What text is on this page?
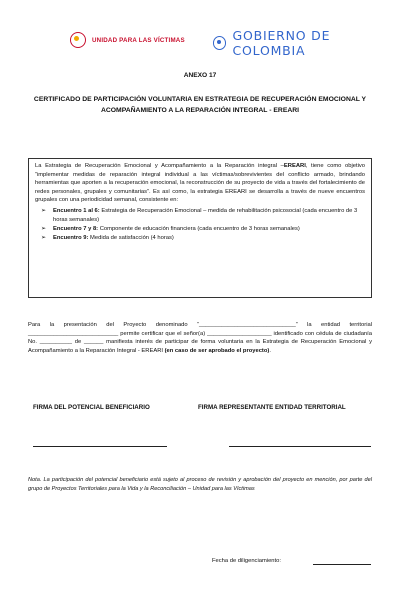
UNIDAD PARA LAS VÍCTIMAS	GOBIERNO DE COLOMBIA
ANEXO 17
CERTIFICADO DE PARTICIPACIÓN VOLUNTARIA EN ESTRATEGIA DE RECUPERACIÓN EMOCIONAL Y ACOMPAÑAMIENTO A LA REPARACIÓN INTEGRAL - EREARI

La Estrategia de Recuperación Emocional y Acompañamiento a la Reparación integral –EREARI, tiene como objetivo “implementar medidas de reparación integral individual a las víctimas/sobrevivientes del conflicto armado, brindando herramientas que aporten a la recuperación emocional, la reconstrucción de su proyecto de vida a través del fortalecimiento de redes personales, grupales y comunitarias”. Es así como, la estrategia EREARI se desarrolla a través de nueve encuentros grupales con una periodicidad semanal, consistente en:

➢ Encuentro 1 al 6: Estrategia de Recuperación Emocional – medida de rehabilitación psicosocial (cada encuentro de 3 horas semanales)
➢ Encuentro 7 y 8: Componente de educación financiera (cada encuentro de 3 horas semanales)
➢ Encuentro 9: Medida de satisfacción (4 horas)
Para la presentación del Proyecto denominado “______________________________” la entidad territorial ____________________________ permite certificar que el señor(a) ____________________ identificado con cédula de ciudadanía No. __________ de ______ manifiesta interés de participar de forma voluntaria en la Estrategia de Recuperación Emocional y Acompañamiento a la Reparación Integral - EREARI (en caso de ser aprobado el proyecto).
FIRMA DEL POTENCIAL BENEFICIARIO	FIRMA REPRESENTANTE ENTIDAD TERRITORIAL
Nota. La participación del potencial beneficiario está sujeto al proceso de revisión y aprobación del proyecto en mención, por parte del grupo de Proyectos Territoriales para la Vida y la Reconciliación – Unidad para las Víctimas
Fecha de diligenciamiento:
